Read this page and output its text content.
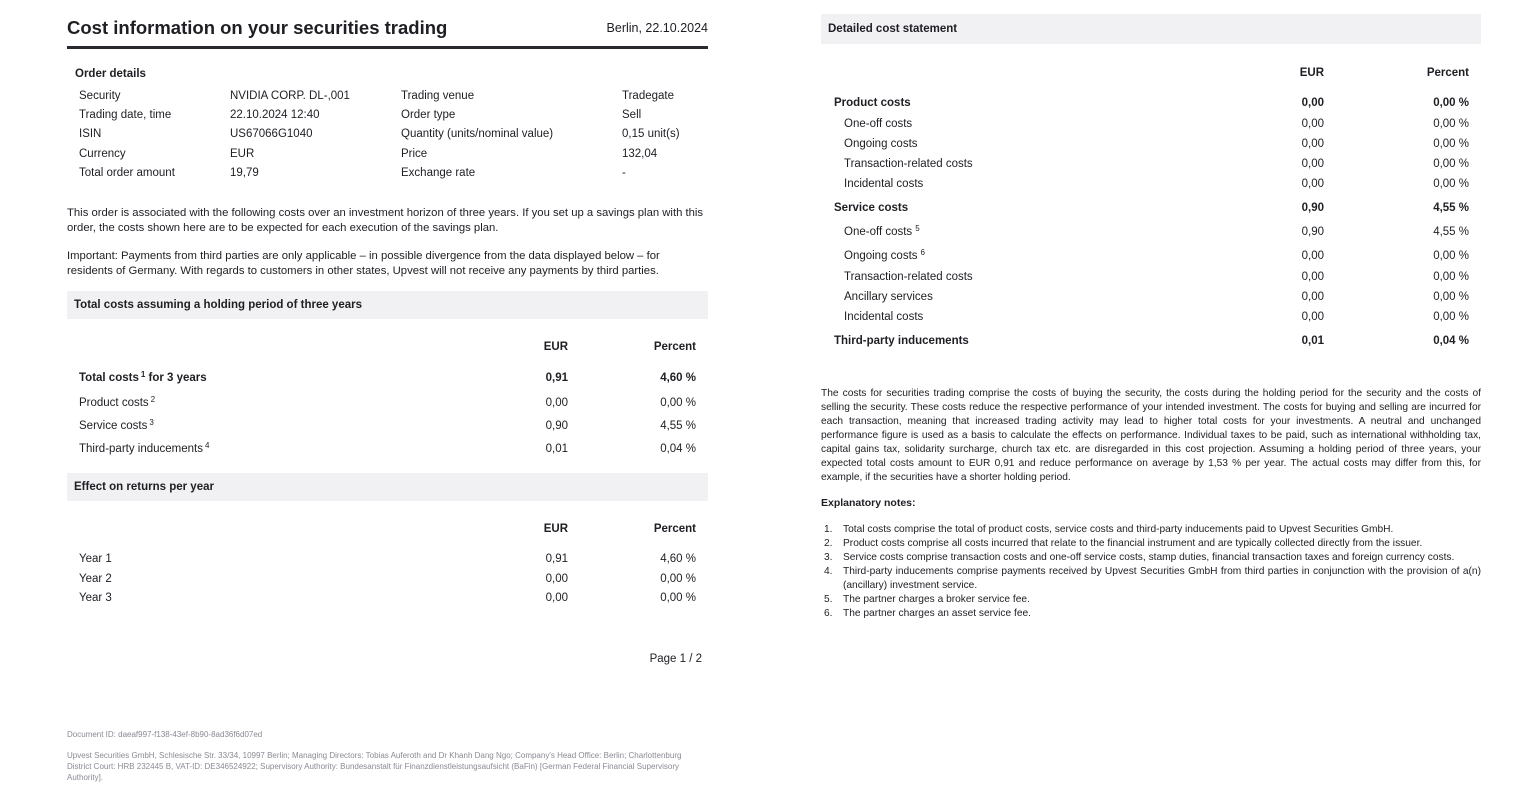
Cost information on your securities trading	Berlin, 22.10.2024
Order details
Security	NVIDIA CORP. DL-,001	Trading venue	Tradegate
Trading date, time	22.10.2024 12:40	Order type	Sell
ISIN	US67066G1040	Quantity (units/nominal value)	0,15 unit(s)
Currency	EUR	Price	132,04
Total order amount	19,79	Exchange rate	-
This order is associated with the following costs over an investment horizon of three years. If you set up a savings plan with this order, the costs shown here are to be expected for each execution of the savings plan.
Important: Payments from third parties are only applicable – in possible divergence from the data displayed below – for residents of Germany. With regards to customers in other states, Upvest will not receive any payments by third parties.
Total costs assuming a holding period of three years
EUR	Percent
Total costs $^1$ for 3 years	0,91	4,60 %
Product costs $^2$	0,00	0,00 %
Service costs $^3$	0,90	4,55 %
Third-party inducements $^4$	0,01	0,04 %
Effect on returns per year
EUR	Percent
Year 1	0,91	4,60 %
Year 2	0,00	0,00 %
Year 3	0,00	0,00 %
Page 1 / 2
Document ID: daeaf997-f138-43ef-8b90-8ad36f6d07ed
Upvest Securities GmbH, Schlesische Str. 33/34, 10997 Berlin; Managing Directors: Tobias Auferoth and Dr Khanh Dang Ngo; Company's Head Office: Berlin; Charlottenburg District Court: HRB 232445 B, VAT-ID: DE346524922; Supervisory Authority: Bundesanstalt für Finanzdienstleistungsaufsicht (BaFin) [German Federal Financial Supervisory Authority].
Detailed cost statement
EUR	Percent
Product costs	0,00	0,00 %
One-off costs	0,00	0,00 %
Ongoing costs	0,00	0,00 %
Transaction-related costs	0,00	0,00 %
Incidental costs	0,00	0,00 %
Service costs	0,90	4,55 %
One-off costs $^5$	0,90	4,55 %
Ongoing costs $^6$	0,00	0,00 %
Transaction-related costs	0,00	0,00 %
Ancillary services	0,00	0,00 %
Incidental costs	0,00	0,00 %
Third-party inducements	0,01	0,04 %
The costs for securities trading comprise the costs of buying the security, the costs during the holding period for the security and the costs of selling the security. These costs reduce the respective performance of your intended investment. The costs for buying and selling are incurred for each transaction, meaning that increased trading activity may lead to higher total costs for your investments. A neutral and unchanged performance figure is used as a basis to calculate the effects on performance. Individual taxes to be paid, such as international withholding tax, capital gains tax, solidarity surcharge, church tax etc. are disregarded in this cost projection. Assuming a holding period of three years, your expected total costs amount to EUR 0,91 and reduce performance on average by 1,53 % per year. The actual costs may differ from this, for example, if the securities have a shorter holding period.
Explanatory notes:
1. Total costs comprise the total of product costs, service costs and third-party inducements paid to Upvest Securities GmbH.
2. Product costs comprise all costs incurred that relate to the financial instrument and are typically collected directly from the issuer.
3. Service costs comprise transaction costs and one-off service costs, stamp duties, financial transaction taxes and foreign currency costs.
4. Third-party inducements comprise payments received by Upvest Securities GmbH from third parties in conjunction with the provision of a(n) (ancillary) investment service.
5. The partner charges a broker service fee.
6. The partner charges an asset service fee.
